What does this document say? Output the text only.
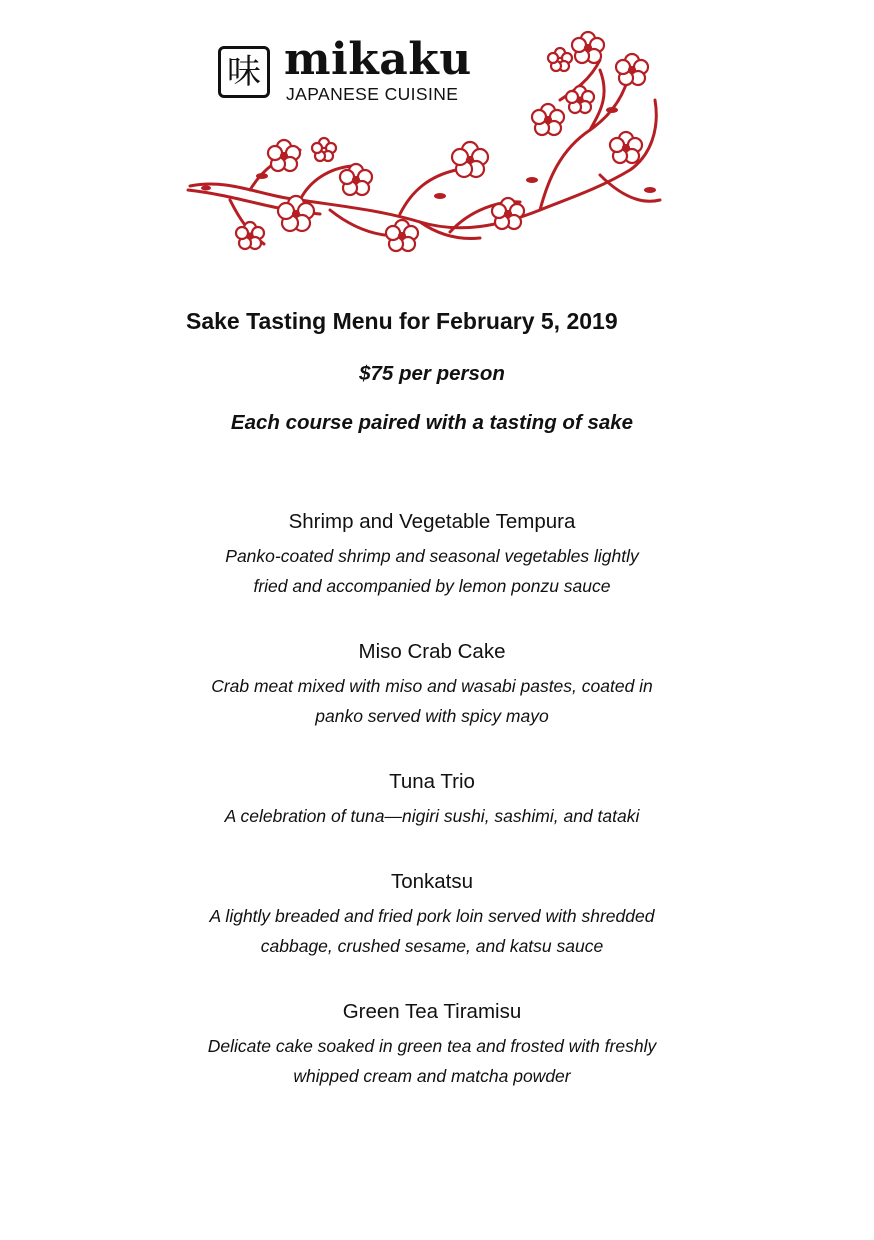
味 mikaku
JAPANESE CUISINE
Sake Tasting Menu for February 5, 2019
$75 per person
Each course paired with a tasting of sake
Shrimp and Vegetable Tempura
Panko-coated shrimp and seasonal vegetables lightly
fried and accompanied by lemon ponzu sauce
Miso Crab Cake
Crab meat mixed with miso and wasabi pastes, coated in
panko served with spicy mayo
Tuna Trio
A celebration of tuna—nigiri sushi, sashimi, and tataki
Tonkatsu
A lightly breaded and fried pork loin served with shredded
cabbage, crushed sesame, and katsu sauce
Green Tea Tiramisu
Delicate cake soaked in green tea and frosted with freshly
whipped cream and matcha powder
